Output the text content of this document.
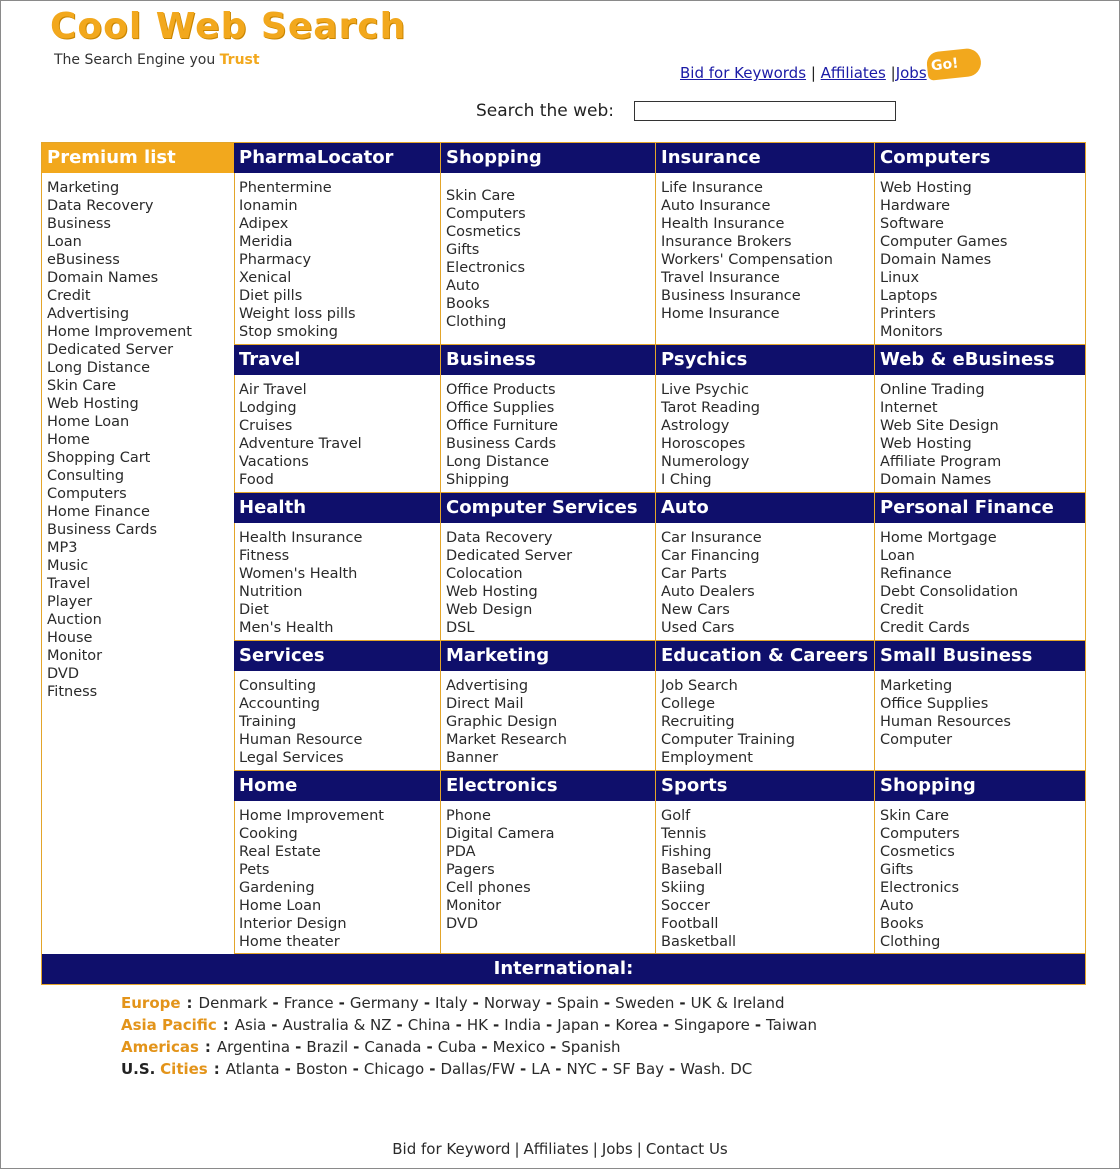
Cool Web Search
The Search Engine you Trust
Bid for Keywords | Affiliates |Jobs Go!
Search the web:
Premium list
Marketing
Data Recovery
Business
Loan
eBusiness
Domain Names
Credit
Advertising
Home Improvement
Dedicated Server
Long Distance
Skin Care
Web Hosting
Home Loan
Home
Shopping Cart
Consulting
Computers
Home Finance
Business Cards
MP3
Music
Travel
Player
Auction
House
Monitor
DVD
Fitness
PharmaLocator
Phentermine
Ionamin
Adipex
Meridia
Pharmacy
Xenical
Diet pills
Weight loss pills
Stop smoking
Shopping
Skin Care
Computers
Cosmetics
Gifts
Electronics
Auto
Books
Clothing
Insurance
Life Insurance
Auto Insurance
Health Insurance
Insurance Brokers
Workers' Compensation
Travel Insurance
Business Insurance
Home Insurance
Computers
Web Hosting
Hardware
Software
Computer Games
Domain Names
Linux
Laptops
Printers
Monitors
Travel
Air Travel
Lodging
Cruises
Adventure Travel
Vacations
Food
Business
Office Products
Office Supplies
Office Furniture
Business Cards
Long Distance
Shipping
Psychics
Live Psychic
Tarot Reading
Astrology
Horoscopes
Numerology
I Ching
Web & eBusiness
Online Trading
Internet
Web Site Design
Web Hosting
Affiliate Program
Domain Names
Health
Health Insurance
Fitness
Women's Health
Nutrition
Diet
Men's Health
Computer Services
Data Recovery
Dedicated Server
Colocation
Web Hosting
Web Design
DSL
Auto
Car Insurance
Car Financing
Car Parts
Auto Dealers
New Cars
Used Cars
Personal Finance
Home Mortgage
Loan
Refinance
Debt Consolidation
Credit
Credit Cards
Services
Consulting
Accounting
Training
Human Resource
Legal Services
Marketing
Advertising
Direct Mail
Graphic Design
Market Research
Banner
Education & Careers
Job Search
College
Recruiting
Computer Training
Employment
Small Business
Marketing
Office Supplies
Human Resources
Computer
Home
Home Improvement
Cooking
Real Estate
Pets
Gardening
Home Loan
Interior Design
Home theater
Electronics
Phone
Digital Camera
PDA
Pagers
Cell phones
Monitor
DVD
Sports
Golf
Tennis
Fishing
Baseball
Skiing
Soccer
Football
Basketball
Shopping
Skin Care
Computers
Cosmetics
Gifts
Electronics
Auto
Books
Clothing
International:
Europe : Denmark - France - Germany - Italy - Norway - Spain - Sweden - UK & Ireland
Asia Pacific : Asia - Australia & NZ - China - HK - India - Japan - Korea - Singapore - Taiwan
Americas : Argentina - Brazil - Canada - Cuba - Mexico - Spanish
U.S. Cities : Atlanta - Boston - Chicago - Dallas/FW - LA - NYC - SF Bay - Wash. DC
Bid for Keyword | Affiliates | Jobs | Contact Us
